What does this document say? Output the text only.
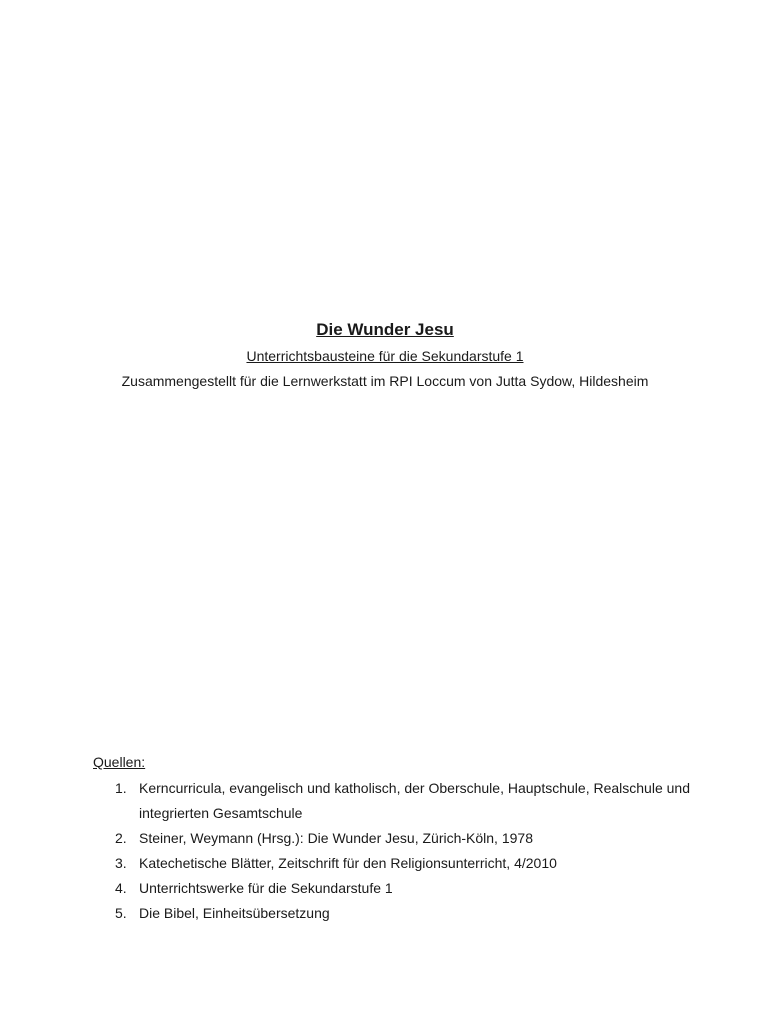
Die Wunder Jesu

Unterrichtsbausteine für die Sekundarstufe 1

Zusammengestellt für die Lernwerkstatt im RPI Loccum von Jutta Sydow, Hildesheim

Quellen:

1. Kerncurricula, evangelisch und katholisch, der Oberschule, Hauptschule, Realschule und integrierten Gesamtschule
2. Steiner, Weymann (Hrsg.): Die Wunder Jesu, Zürich-Köln, 1978
3. Katechetische Blätter, Zeitschrift für den Religionsunterricht, 4/2010
4. Unterrichtswerke für die Sekundarstufe 1
5. Die Bibel, Einheitsübersetzung
